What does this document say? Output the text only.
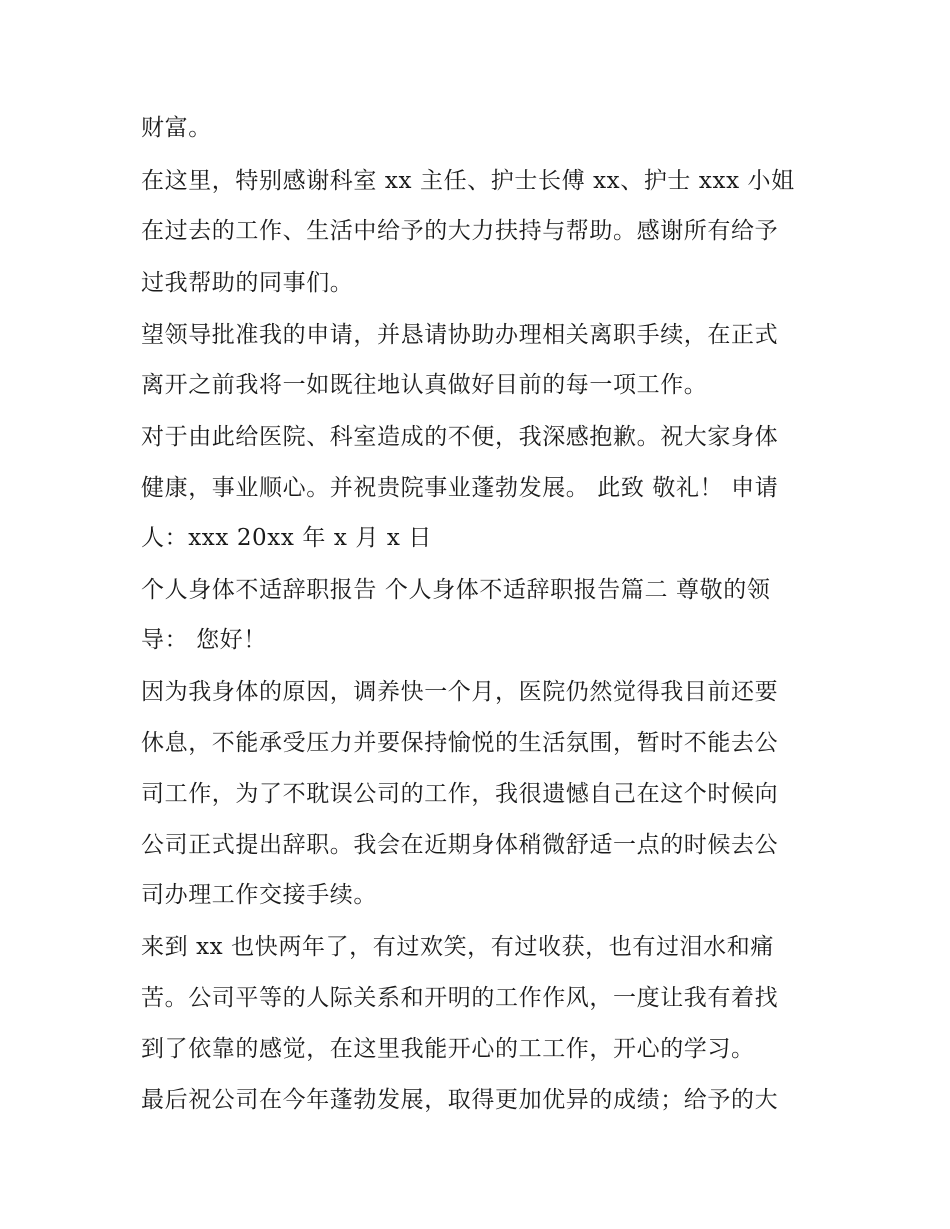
财富。
在这里，特别感谢科室 xx 主任、护士长傅 xx、护士 xxx 小姐
在过去的工作、生活中给予的大力扶持与帮助。感谢所有给予
过我帮助的同事们。
望领导批准我的申请，并恳请协助办理相关离职手续，在正式
离开之前我将一如既往地认真做好目前的每一项工作。
对于由此给医院、科室造成的不便，我深感抱歉。祝大家身体
健康，事业顺心。并祝贵院事业蓬勃发展。 此致 敬礼！ 申请
人：xxx 20xx 年 x 月 x 日
个人身体不适辞职报告 个人身体不适辞职报告篇二 尊敬的领
导： 您好！
因为我身体的原因，调养快一个月，医院仍然觉得我目前还要
休息，不能承受压力并要保持愉悦的生活氛围，暂时不能去公
司工作，为了不耽误公司的工作，我很遗憾自己在这个时候向
公司正式提出辞职。我会在近期身体稍微舒适一点的时候去公
司办理工作交接手续。
来到 xx 也快两年了，有过欢笑，有过收获，也有过泪水和痛
苦。公司平等的人际关系和开明的工作作风，一度让我有着找
到了依靠的感觉，在这里我能开心的工工作，开心的学习。
最后祝公司在今年蓬勃发展，取得更加优异的成绩；给予的大
